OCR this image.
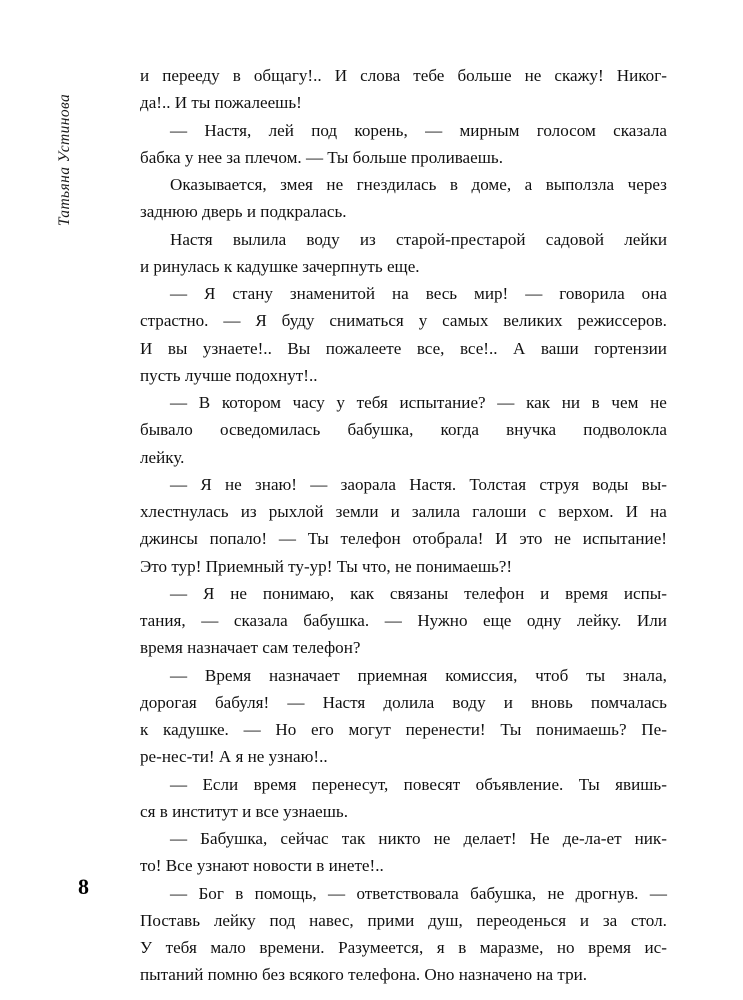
Татьяна Устинова
8

и перееду в общагу!.. И слова тебе больше не скажу! Никог-
да!.. И ты пожалеешь!

— Настя, лей под корень, — мирным голосом сказала
бабка у нее за плечом. — Ты больше проливаешь.

Оказывается, змея не гнездилась в доме, а выползла через
заднюю дверь и подкралась.

Настя вылила воду из старой-престарой садовой лейки
и ринулась к кадушке зачерпнуть еще.

— Я стану знаменитой на весь мир! — говорила она
страстно. — Я буду сниматься у самых великих режиссеров.
И вы узнаете!.. Вы пожалеете все, все!.. А ваши гортензии
пусть лучше подохнут!..

— В котором часу у тебя испытание? — как ни в чем не
бывало осведомилась бабушка, когда внучка подволокла
лейку.

— Я не знаю! — заорала Настя. Толстая струя воды вы-
хлестнулась из рыхлой земли и залила галоши с верхом. И на
джинсы попало! — Ты телефон отобрала! И это не испытание!
Это тур! Приемный ту-ур! Ты что, не понимаешь?!

— Я не понимаю, как связаны телефон и время испы-
тания, — сказала бабушка. — Нужно еще одну лейку. Или
время назначает сам телефон?

— Время назначает приемная комиссия, чтоб ты знала,
дорогая бабуля! — Настя долила воду и вновь помчалась
к кадушке. — Но его могут перенести! Ты понимаешь? Пе-
ре-нес-ти! А я не узнаю!..

— Если время перенесут, повесят объявление. Ты явишь-
ся в институт и все узнаешь.

— Бабушка, сейчас так никто не делает! Не де-ла-ет ник-
то! Все узнают новости в инете!..

— Бог в помощь, — ответствовала бабушка, не дрогнув. —
Поставь лейку под навес, прими душ, переоденься и за стол.
У тебя мало времени. Разумеется, я в маразме, но время ис-
пытаний помню без всякого телефона. Оно назначено на три.
